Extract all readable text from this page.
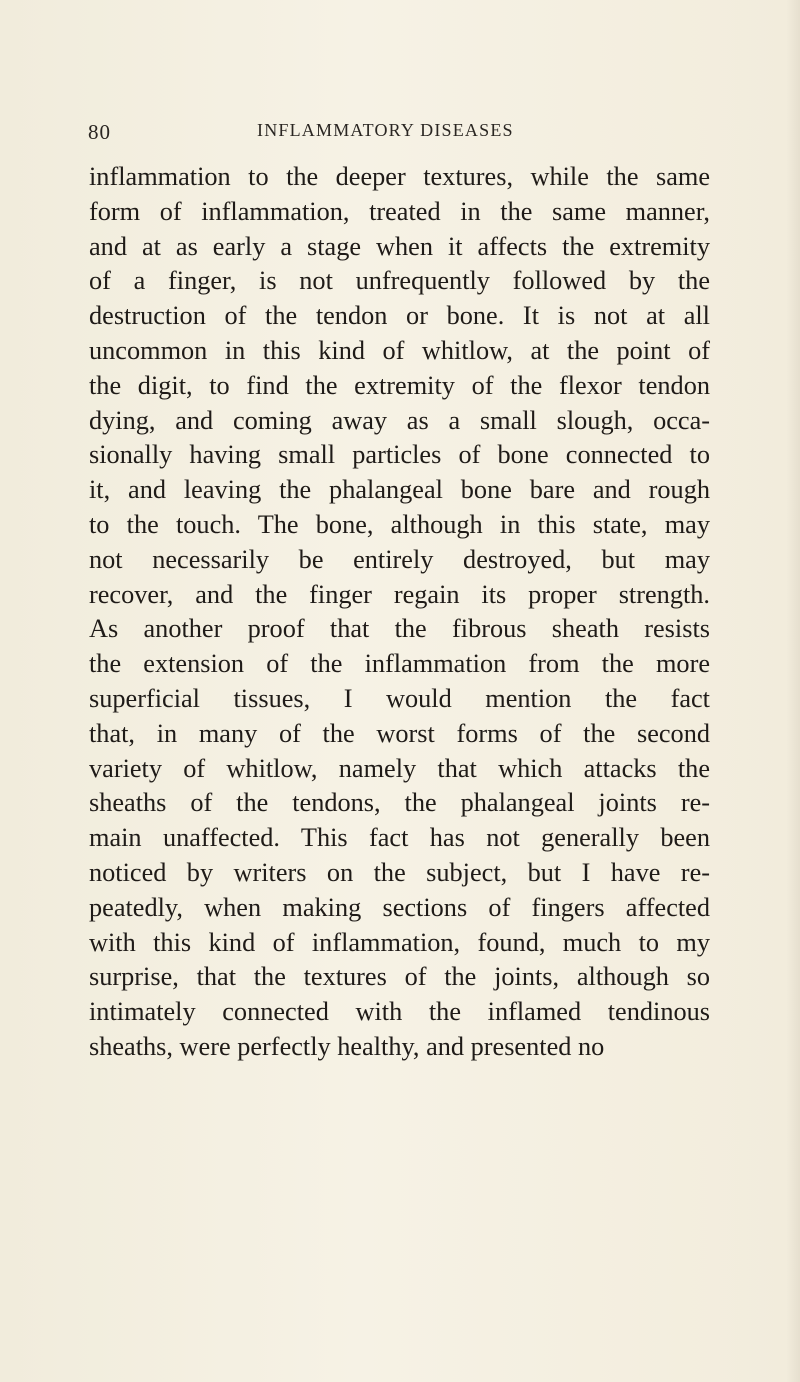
80	INFLAMMATORY DISEASES
inflammation to the deeper textures, while the same
form of inflammation, treated in the same manner,
and at as early a stage when it affects the extremity
of a finger, is not unfrequently followed by the
destruction of the tendon or bone. It is not at all
uncommon in this kind of whitlow, at the point of
the digit, to find the extremity of the flexor tendon
dying, and coming away as a small slough, occa-
sionally having small particles of bone connected to
it, and leaving the phalangeal bone bare and rough
to the touch. The bone, although in this state, may
not necessarily be entirely destroyed, but may
recover, and the finger regain its proper strength.
As another proof that the fibrous sheath resists
the extension of the inflammation from the more
superficial tissues, I would mention the fact
that, in many of the worst forms of the second
variety of whitlow, namely that which attacks the
sheaths of the tendons, the phalangeal joints re-
main unaffected. This fact has not generally been
noticed by writers on the subject, but I have re-
peatedly, when making sections of fingers affected
with this kind of inflammation, found, much to my
surprise, that the textures of the joints, although so
intimately connected with the inflamed tendinous
sheaths, were perfectly healthy, and presented no
